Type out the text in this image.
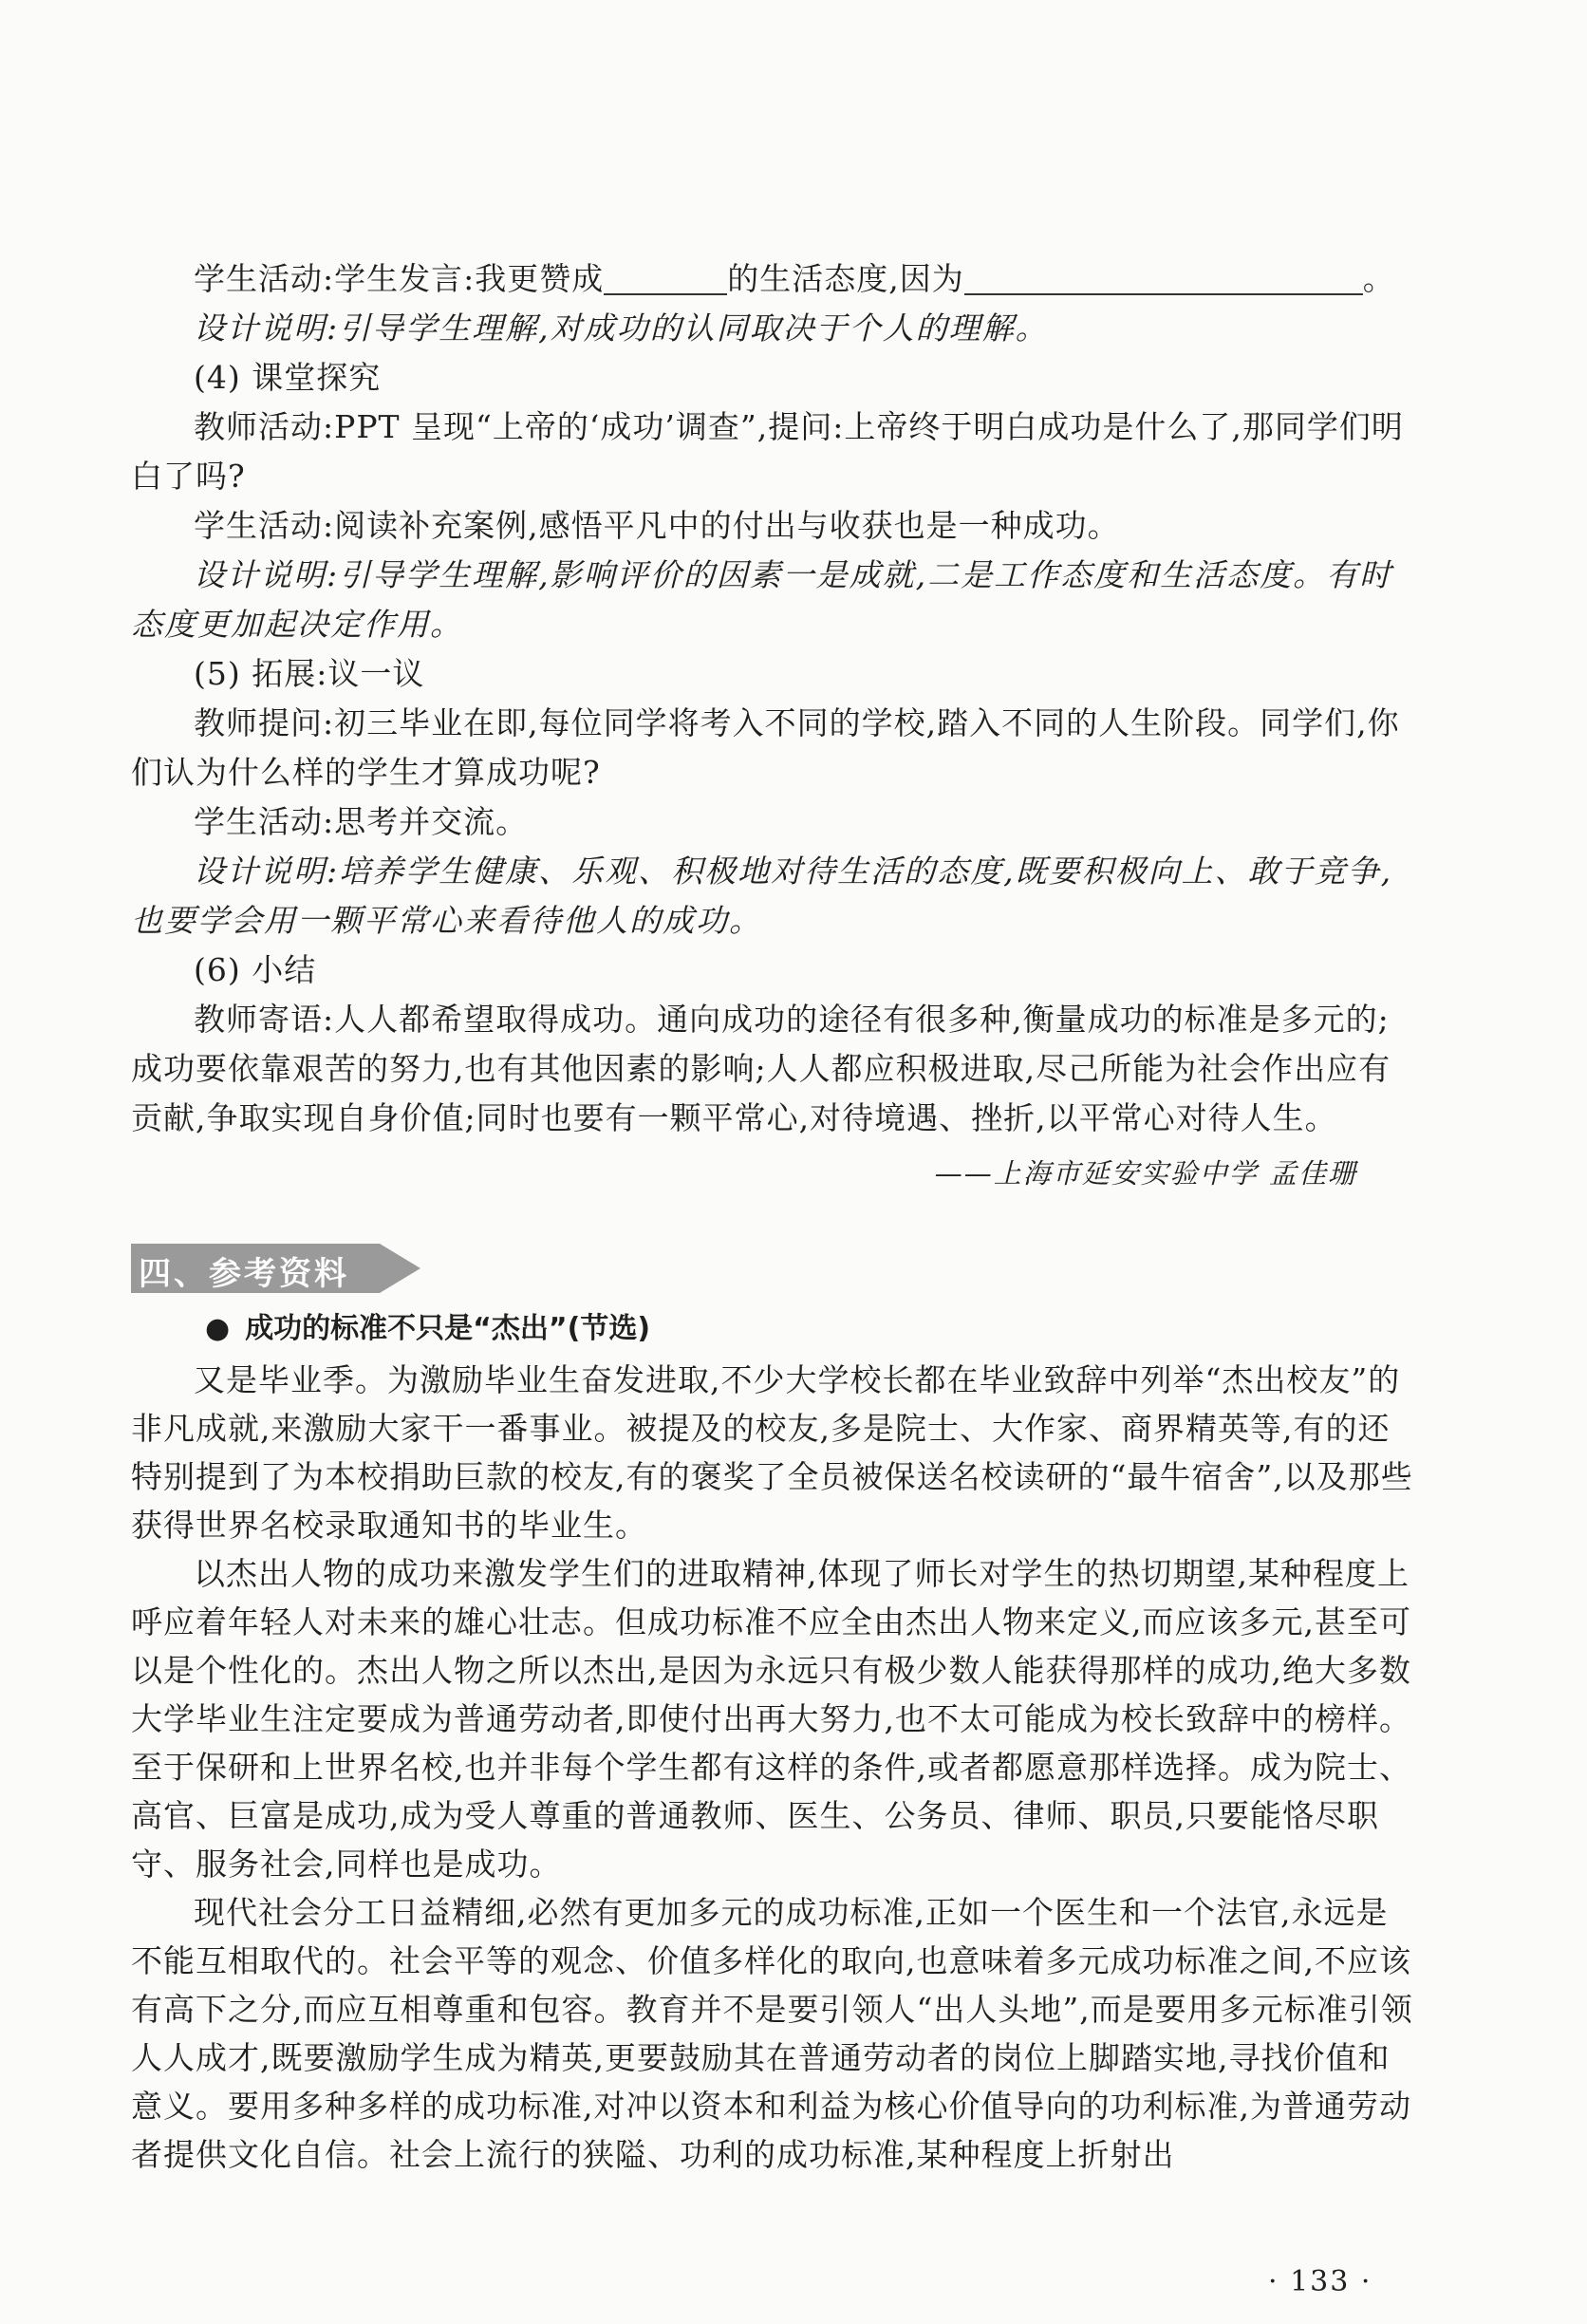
学生活动:学生发言:我更赞成	的生活态度,因为	。

设计说明:引导学生理解,对成功的认同取决于个人的理解。

(4) 课堂探究

教师活动:PPT 呈现“上帝的‘成功’调查”,提问:上帝终于明白成功是什么了,那同学们明白了吗?

学生活动:阅读补充案例,感悟平凡中的付出与收获也是一种成功。

设计说明:引导学生理解,影响评价的因素一是成就,二是工作态度和生活态度。有时态度更加起决定作用。

(5) 拓展:议一议

教师提问:初三毕业在即,每位同学将考入不同的学校,踏入不同的人生阶段。同学们,你们认为什么样的学生才算成功呢?

学生活动:思考并交流。

设计说明:培养学生健康、乐观、积极地对待生活的态度,既要积极向上、敢于竞争,也要学会用一颗平常心来看待他人的成功。

(6) 小结

教师寄语:人人都希望取得成功。通向成功的途径有很多种,衡量成功的标准是多元的;成功要依靠艰苦的努力,也有其他因素的影响;人人都应积极进取,尽己所能为社会作出应有贡献,争取实现自身价值;同时也要有一颗平常心,对待境遇、挫折,以平常心对待人生。

——上海市延安实验中学 孟佳珊
四、参考资料
● 成功的标准不只是“杰出”(节选)

又是毕业季。为激励毕业生奋发进取,不少大学校长都在毕业致辞中列举“杰出校友”的非凡成就,来激励大家干一番事业。被提及的校友,多是院士、大作家、商界精英等,有的还特别提到了为本校捐助巨款的校友,有的褒奖了全员被保送名校读研的“最牛宿舍”,以及那些获得世界名校录取通知书的毕业生。

以杰出人物的成功来激发学生们的进取精神,体现了师长对学生的热切期望,某种程度上呼应着年轻人对未来的雄心壮志。但成功标准不应全由杰出人物来定义,而应该多元,甚至可以是个性化的。杰出人物之所以杰出,是因为永远只有极少数人能获得那样的成功,绝大多数大学毕业生注定要成为普通劳动者,即使付出再大努力,也不太可能成为校长致辞中的榜样。至于保研和上世界名校,也并非每个学生都有这样的条件,或者都愿意那样选择。成为院士、高官、巨富是成功,成为受人尊重的普通教师、医生、公务员、律师、职员,只要能恪尽职守、服务社会,同样也是成功。

现代社会分工日益精细,必然有更加多元的成功标准,正如一个医生和一个法官,永远是不能互相取代的。社会平等的观念、价值多样化的取向,也意味着多元成功标准之间,不应该有高下之分,而应互相尊重和包容。教育并不是要引领人“出人头地”,而是要用多元标准引领人人成才,既要激励学生成为精英,更要鼓励其在普通劳动者的岗位上脚踏实地,寻找价值和意义。要用多种多样的成功标准,对冲以资本和利益为核心价值导向的功利标准,为普通劳动者提供文化自信。社会上流行的狭隘、功利的成功标准,某种程度上折射出

· 133 ·
